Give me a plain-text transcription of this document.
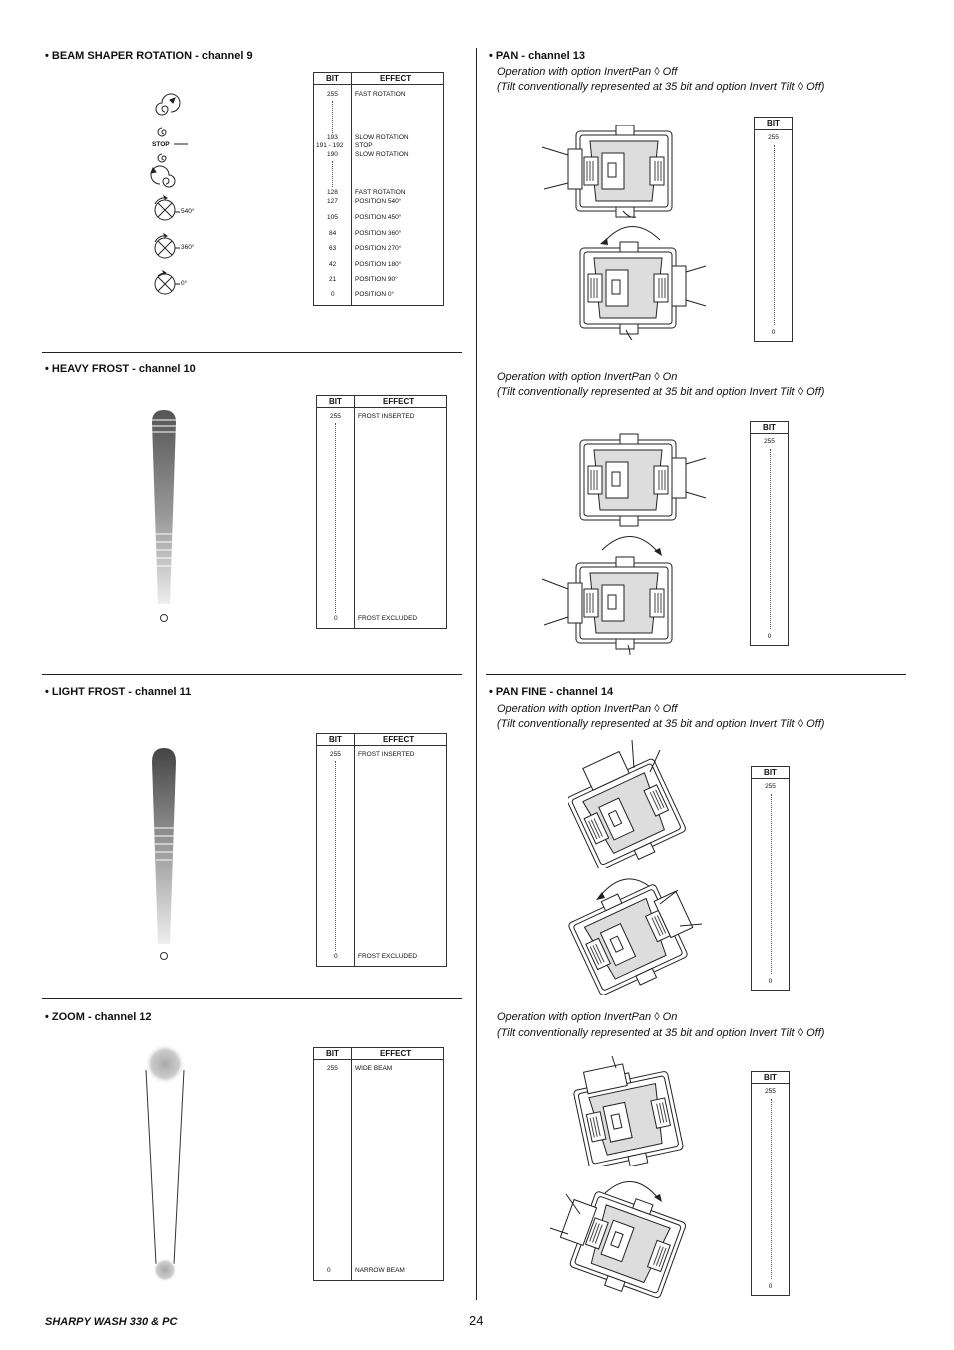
• BEAM SHAPER ROTATION - channel 9
STOP
540°
360°
0°
BIT	EFFECT
255	FAST ROTATION
193	SLOW ROTATION
191 - 192 STOP
190	SLOW ROTATION
128	FAST ROTATION
127	POSITION 540°
105	POSITION 450°
84	POSITION 360°
63	POSITION 270°
42	POSITION 180°
21	POSITION 90°
0	POSITION 0°
• HEAVY FROST - channel 10
BIT	EFFECT
255	FROST INSERTED
0	FROST EXCLUDED
• LIGHT FROST - channel 11
BIT	EFFECT
255	FROST INSERTED
0	FROST EXCLUDED
• ZOOM - channel 12
BIT	EFFECT
255	WIDE BEAM
0	NARROW BEAM
• PAN - channel 13
Operation with option InvertPan ◊ Off
(Tilt conventionally represented at 35 bit and option Invert Tilt ◊ Off)
Operation with option InvertPan ◊ On
(Tilt conventionally represented at 35 bit and option Invert Tilt ◊ Off)
BIT
255
0
BIT
255
0
• PAN FINE - channel 14
Operation with option InvertPan ◊ Off
(Tilt conventionally represented at 35 bit and option Invert Tilt ◊ Off)
Operation with option InvertPan ◊ On
(Tilt conventionally represented at 35 bit and option Invert Tilt ◊ Off)
BIT
255
0
BIT
255
0
SHARPY WASH 330 & PC	24
